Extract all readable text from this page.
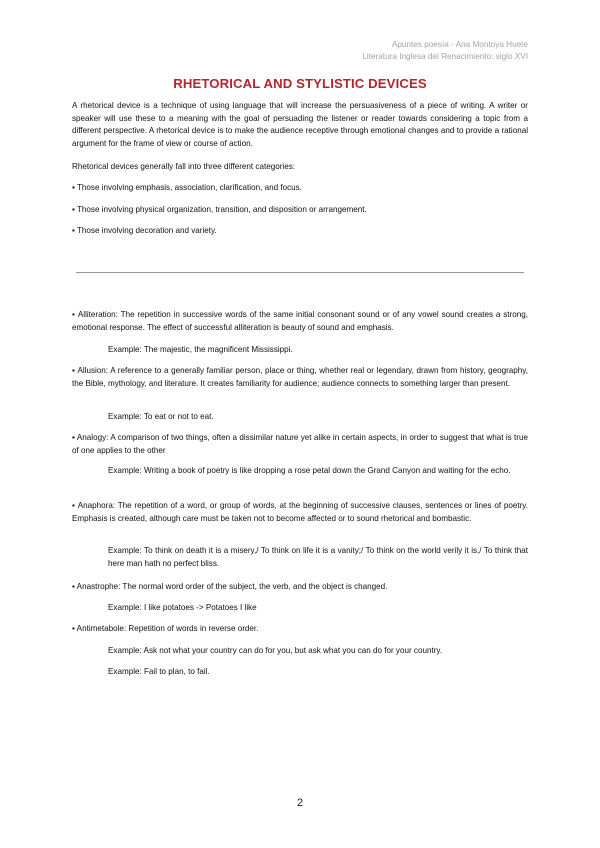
Apuntes poesía - Ana Montoya Huete
Literatura Inglesa del Renacimiento: siglo XVI
RHETORICAL AND STYLISTIC DEVICES
A rhetorical device is a technique of using language that will increase the persuasiveness of a piece of writing. A writer or speaker will use these to a meaning with the goal of persuading the listener or reader towards considering a topic from a different perspective. A rhetorical device is to make the audience receptive through emotional changes and to provide a rational argument for the frame of view or course of action.
Rhetorical devices generally fall into three different categories:
▪ Those involving emphasis, association, clarification, and focus.
▪ Those involving physical organization, transition, and disposition or arrangement.
▪ Those involving decoration and variety.
▪ Alliteration: The repetition in successive words of the same initial consonant sound or of any vowel sound creates a strong, emotional response. The effect of successful alliteration is beauty of sound and emphasis.
Example: The majestic, the magnificent Mississippi.
▪ Allusion: A reference to a generally familiar person, place or thing, whether real or legendary, drawn from history, geography, the Bible, mythology, and literature. It creates familiarity for audience; audience connects to something larger than present.
Example: To eat or not to eat.
▪ Analogy: A comparison of two things, often a dissimilar nature yet alike in certain aspects, in order to suggest that what is true of one applies to the other
Example: Writing a book of poetry is like dropping a rose petal down the Grand Canyon and waiting for the echo.
▪ Anaphora: The repetition of a word, or group of words, at the beginning of successive clauses, sentences or lines of poetry. Emphasis is created, although care must be taken not to become affected or to sound rhetorical and bombastic.
Example: To think on death it is a misery,/ To think on life it is a vanity;/ To think on the world verily it is,/ To think that here man hath no perfect bliss.
▪ Anastrophe: The normal word order of the subject, the verb, and the object is changed.
Example: I like potatoes -> Potatoes I like
▪ Antimetabole: Repetition of words in reverse order.
Example: Ask not what your country can do for you, but ask what you can do for your country.
Example: Fail to plan, to fail.
2
